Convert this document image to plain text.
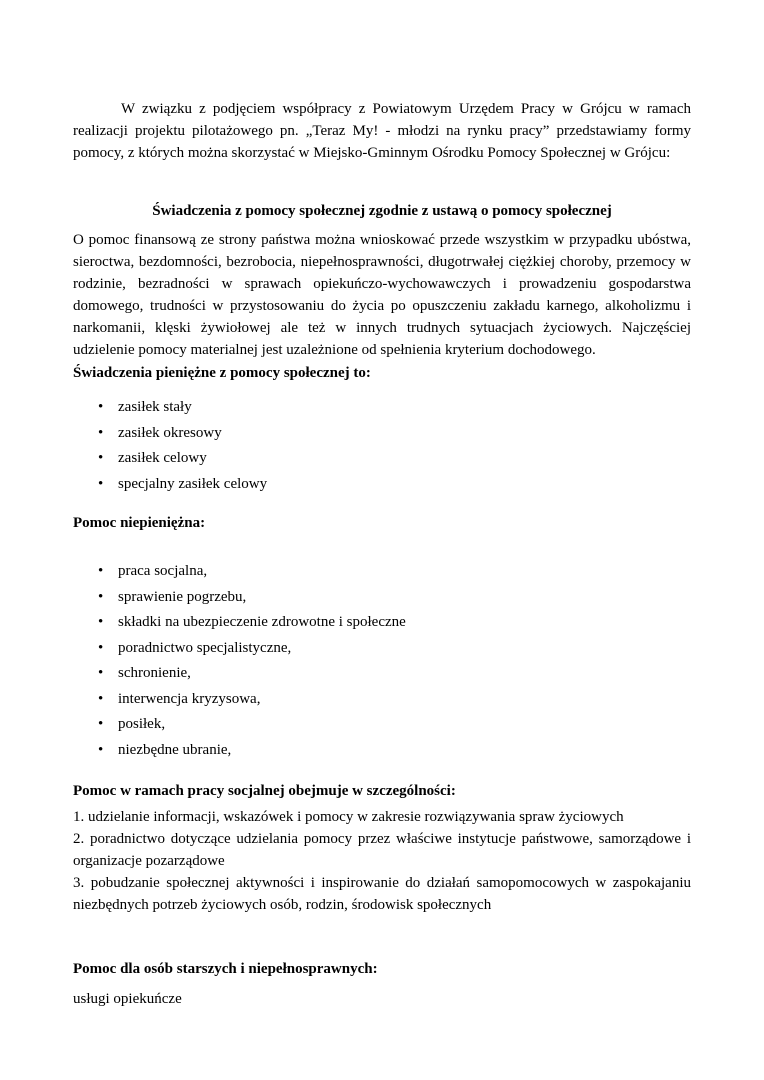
W związku z podjęciem współpracy z Powiatowym Urzędem Pracy w Grójcu w ramach realizacji projektu pilotażowego pn. „Teraz My! - młodzi na rynku pracy” przedstawiamy formy pomocy, z których można skorzystać w Miejsko-Gminnym Ośrodku Pomocy Społecznej w Grójcu:

Świadczenia z pomocy społecznej zgodnie z ustawą o pomocy społecznej

O pomoc finansową ze strony państwa można wnioskować przede wszystkim w przypadku ubóstwa, sieroctwa, bezdomności, bezrobocia, niepełnosprawności, długotrwałej ciężkiej choroby, przemocy w rodzinie, bezradności w sprawach opiekuńczo-wychowawczych i prowadzeniu gospodarstwa domowego, trudności w przystosowaniu do życia po opuszczeniu zakładu karnego, alkoholizmu i narkomanii, klęski żywiołowej ale też w innych trudnych sytuacjach życiowych. Najczęściej udzielenie pomocy materialnej jest uzależnione od spełnienia kryterium dochodowego.

Świadczenia pieniężne z pomocy społecznej to:

• zasiłek stały
• zasiłek okresowy
• zasiłek celowy
• specjalny zasiłek celowy

Pomoc niepieniężna:

• praca socjalna,
• sprawienie pogrzebu,
• składki na ubezpieczenie zdrowotne i społeczne
• poradnictwo specjalistyczne,
• schronienie,
• interwencja kryzysowa,
• posiłek,
• niezbędne ubranie,

Pomoc w ramach pracy socjalnej obejmuje w szczególności:

1. udzielanie informacji, wskazówek i pomocy w zakresie rozwiązywania spraw życiowych
2. poradnictwo dotyczące udzielania pomocy przez właściwe instytucje państwowe, samorządowe i organizacje pozarządowe
3. pobudzanie społecznej aktywności i inspirowanie do działań samopomocowych w zaspokajaniu niezbędnych potrzeb życiowych osób, rodzin, środowisk społecznych

Pomoc dla osób starszych i niepełnosprawnych:

usługi opiekuńcze
